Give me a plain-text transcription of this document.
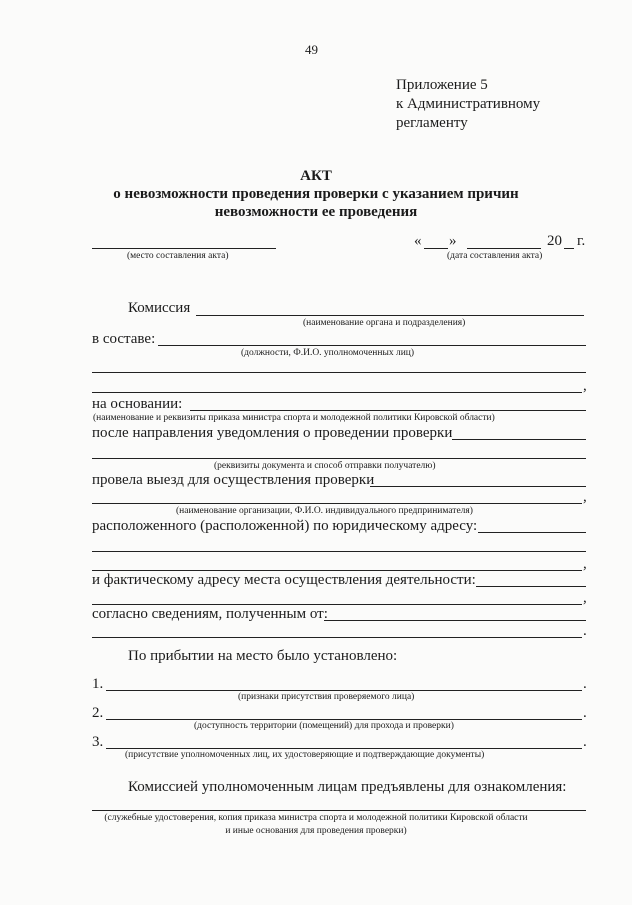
49
Приложение 5
к Административному
регламенту
АКТ
о невозможности проведения проверки с указанием причин
невозможности ее проведения
(место составления акта)
« »	20 г.
(дата составления акта)
Комиссия
(наименование органа и подразделения)
в составе:
(должности, Ф.И.О. уполномоченных лиц)
,
на основании:
(наименование и реквизиты приказа министра спорта и молодежной политики Кировской области)
после направления уведомления о проведении проверки
(реквизиты документа и способ отправки получателю)
провела выезд для осуществления проверки
,
(наименование организации, Ф.И.О. индивидуального предпринимателя)
расположенного (расположенной) по юридическому адресу:
,
и фактическому адресу места осуществления деятельности:
,
согласно сведениям, полученным от:
.
По прибытии на место было установлено:
1.	.
(признаки присутствия проверяемого лица)
2.	.
(доступность территории (помещений) для прохода и проверки)
3.	.
(присутствие уполномоченных лиц, их удостоверяющие и подтверждающие документы)
Комиссией уполномоченным лицам предъявлены для ознакомления:
(служебные удостоверения, копия приказа министра спорта и молодежной политики Кировской области
и иные основания для проведения проверки)
